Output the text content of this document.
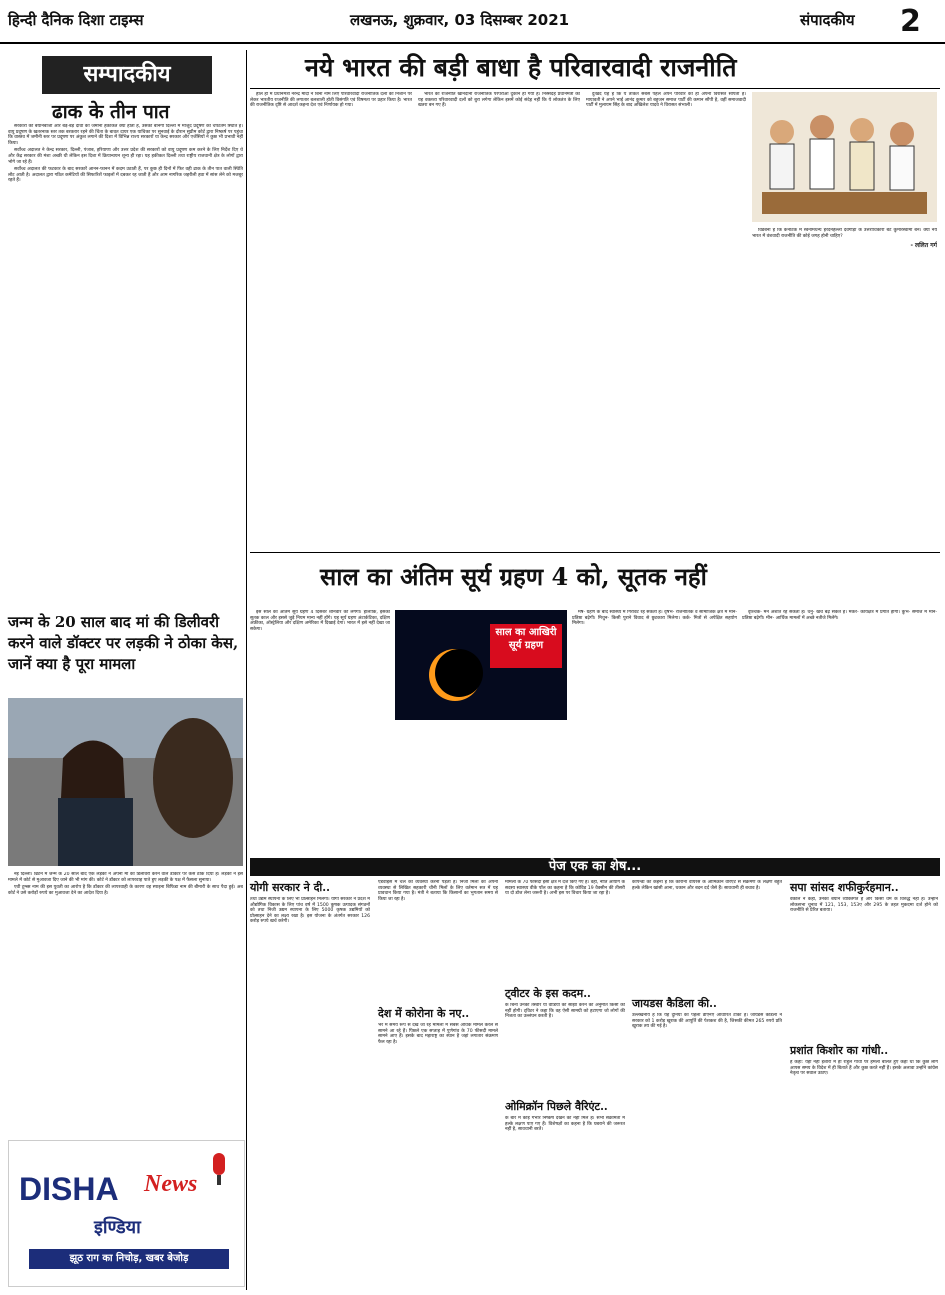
हिन्दी दैनिक दिशा टाइम्स	लखनऊ, शुक्रवार, 03 दिसम्बर 2021	संपादकीय 2
सम्पादकीय
ढाक के तीन पात

सरकारों की बयानबाजी और बड़े-बड़े दावों की जमीनी हकीकत क्या होती है, उसकी बानगी दिल्ली में मौजूद प्रदूषण की चपेटतम स्थिति है। वायु प्रदूषण के खतरनाक स्तर तक बरकरार रहने की चिंता के बावत दायर एक याचिका पर सुनवाई के दौरान सुप्रीम कोर्ट द्वारा निष्कर्ष पर पहुंचा कि वास्तव में जमीनी स्तर पर प्रदूषण पर अंकुश लगाने की दिशा में विभिन्न राज्य सरकारों या केन्द्र सरकार और एजेंसियों ने कुछ भी प्रभावी नहीं किया।

सर्वोच्च अदालत ने केन्द्र सरकार, दिल्ली, पंजाब, हरियाणा और उत्तर प्रदेश की सरकारों को वायु प्रदूषण कम करने के लिए निर्देश दिए थे और केंद्र सरकार की मंशा अच्छी थी लेकिन इस दिशा में क्रियान्वयन शून्य ही रहा। यह हकीकत दिल्ली तथा राष्ट्रीय राजधानी क्षेत्र के लोगों द्वारा भोगे जा रहे हैं।

सर्वोच्च अदालत की फटकार के बाद सरकारें आनन-फानन में कदम उठाती हैं, पर कुछ ही दिनों में फिर वही ढाक के तीन पात वाली स्थिति लौट आती है। अदालत द्वारा गठित कमेटियों की सिफारिशें फाइलों में दबकर रह जाती हैं और आम नागरिक जहरीली हवा में सांस लेने को मजबूर रहते हैं।

नये भारत की बड़ी बाधा है परिवारवादी राजनीति

हाल ही में प्रधानमंत्री नरेन्द्र मोदी ने बिना नाम लिए परिवारवादी राजनीतिक दलों को निशाने पर लेकर भारतीय राजनीति की लगातार बलशाली होती विसंगति एवं विषमता पर प्रहार किया है। भारत की राजनीतिक दृष्टि से आदर्श कहना देश एवं निर्णायक हो गया।

भारत की राजनीति खानदानी राजनीतिक परंपराओं दुकान हो गयी है। निस्संदेह प्रधानमंत्री का यह वक्तव्य परिवारवादी दलों को बुरा लगेगा लेकिन इसमें कोई संदेह नहीं कि ये लोकतंत्र के लिए खतरा बन गए हैं।

दुःखद यह है कि ये ताकतें सबसे पहले अपने परिवार को ही अपनी विरासत सौंपती हैं। मायावती ने अपने भाई आनंद कुमार को बहुजन समाज पार्टी की कमान सौंपी है, वहीं समाजवादी पार्टी में मुलायम सिंह के बाद अखिलेश यादव ने विरासत संभाली।

विडंबना है कि कर्नाटक में स्वनामधन्य हरदनहल्ली देवेगौड़ा के उत्तराधिकारी बेटे कुमारस्वामी बने। क्या नये भारत में वंशवादी राजनीति की कोई जगह होनी चाहिए?

- ललित गर्ग
साल का अंतिम सूर्य ग्रहण 4 को, सूतक नहीं

इस साल का अंतिम सूर्य ग्रहण 4 दिसंबर शनिवार को लगेगा। हालांकि, इसका सूतक काल और इससे जुड़े नियम मान्य नहीं होंगे। यह सूर्य ग्रहण अंटार्कटिका, दक्षिण अफ्रीका, ऑस्ट्रेलिया और दक्षिण अमेरिका में दिखाई देगा। भारत में इसे नहीं देखा जा सकेगा।	साल का आखिरी सूर्य ग्रहण

मेष- ग्रहण के बाद स्वास्थ्य में गिरावट रह सकती है। वृषभ- राजनीतिक व सामाजिक क्षेत्र में मान-प्रतिष्ठा बढ़ेगी। मिथुन- किसी पुराने विवाद से छुटकारा मिलेगा। कर्क- मित्रों से अपेक्षित सहयोग मिलेगा।

वृश्चिक- मन अशांत रह सकता है। धनु- खर्चे बढ़ सकते हैं। मकर- कार्यक्षेत्र में प्रगति होगी। कुंभ- समाज में मान-प्रतिष्ठा बढ़ेगी। मीन- आर्थिक मामलों में अच्छे नतीजे मिलेंगे।

जन्म के 20 साल बाद मां की डिलीवरी करने वाले डॉक्टर पर लड़की ने ठोका केस, जानें क्या है पूरा मामला

नई दिल्ली। ब्रिटेन में जन्म के 20 साल बाद एक लड़की ने अपनी मां की डिलीवरी करने वाले डॉक्टर पर केस ठोक दिया है। लड़की ने इस मामले में कोर्ट से मुआवजा दिए जाने की भी मांग की। कोर्ट ने डॉक्टर को लापरवाह पाते हुए लड़की के पक्ष में फैसला सुनाया।

एवी टूम्ब्स नाम की इस युवती का आरोप है कि डॉक्टर की लापरवाही के कारण वह स्पाइना बिफिडा नाम की बीमारी के साथ पैदा हुई। अब कोर्ट ने उसे करोड़ों रुपये का मुआवजा देने का आदेश दिया है।

DISHA News
इण्डिया
झूठ राग का निचोड़, खबर बेजोड़
पेज एक का शेष...
योगी सरकार ने दी..
तथा उद्यम स्थापना के लिए भी प्रोत्साहन मिलेगा। योगी सरकार ने प्रदेश में औद्योगिक विकास के लिए पांच वर्ष में 1500 कुषक उत्पादक संगठनों को तथा निजी उद्यम स्थापना के लिए 5000 कृषक उद्यमियों को प्रोत्साहन देने का लक्ष्य रखा है। इस योजना के अंतर्गत सरकार 126 करोड़ रुपये खर्च करेगी।
एडवाइस में चल की व्यवस्था करनी पड़ती है। निजी मिलों को अपनी व्यवस्था से लिखित सहकारी चीनी मिलों के लिए वर्तमान सत्र में यह प्रावधान किया गया है। मंत्री ने बताया कि किसानों का भुगतान समय से किया जा रहा है।
देश में कोरोना के नए..
भर में समय रूप से देखे जा रहे मामलों में सबसे अधिक मामले केरल से सामने आ रहे हैं। पिछले एक सप्ताह में पुणेगांव के 70 फीसदी मामले सामने आए हैं। इसके बाद महाराष्ट्र का स्थान है जहां लगातार संक्रमण फैल रहा है।
मामलों के 70 फीसदी इसी क्षेत्र में दर्ज किए गए हैं। वहीं, नीति आयोग के सदस्य स्वास्थ्य वीके पॉल का कहना है कि कोविड 19 वैक्सीन की तीसरी या दो डोज लेना जरूरी है। अभी इस पर विचार किया जा रहा है।
ट्वीटर के इस कदम..
के बिना उनकी तस्वीरें या वीडियो को साझा करने की अनुमति किसी को नहीं होगी। ट्विटर ने कहा कि वह ऐसी सामग्री को हटाएगा जो लोगों की निजता का उल्लंघन करती है।
ओमिक्रॉन पिछले वैरिएंट..
के बारे में कोई गंभीर निष्कर्ष देखने को नहीं मिले हैं। सभी संक्रमितों में हल्के लक्षण पाए गए हैं। विशेषज्ञों का कहना है कि घबराने की जरूरत नहीं है, सावधानी बरतें।
कोपन्डा का कहना है कि कोरोना वायरस के ओमिक्रॉन वैरिएंट से संक्रमण के लक्षण बहुत हल्के लेकिन खांसी आना, थकान और बदन दर्द जैसे हैं। सावधानी ही बचाव है।
जायडस कैडिला की..
उल्लेखनीय है कि यह दुनिया का पहला डीएनए आधारित टीका है। जायडस कैडिला ने सरकार को 1 करोड़ खुराक की आपूर्ति की पेशकश की है, जिसकी कीमत 265 रुपये प्रति खुराक तय की गई है।
सपा सांसद शफीकुर्रहमान..
वकील ने कहा, उनका बयान व्यक्तिगत है और किसी धर्म के विरुद्ध नहीं है। उन्होंने लोकसभा चुनाव में 121, 153, 153ए और 295 के तहत मुकदमा दर्ज होने को राजनीति से प्रेरित बताया।
प्रशांत किशोर का गांधी..
है कहा: यही नहीं इशारों में ही राहुल गांधी पर हमला बोलते हुए कहा था कि कुछ लोग आपस समय के विदेश में ही बिताते हैं और कुछ करते नहीं हैं। इसके अलावा उन्होंने कांग्रेस नेतृत्व पर सवाल उठाए।
